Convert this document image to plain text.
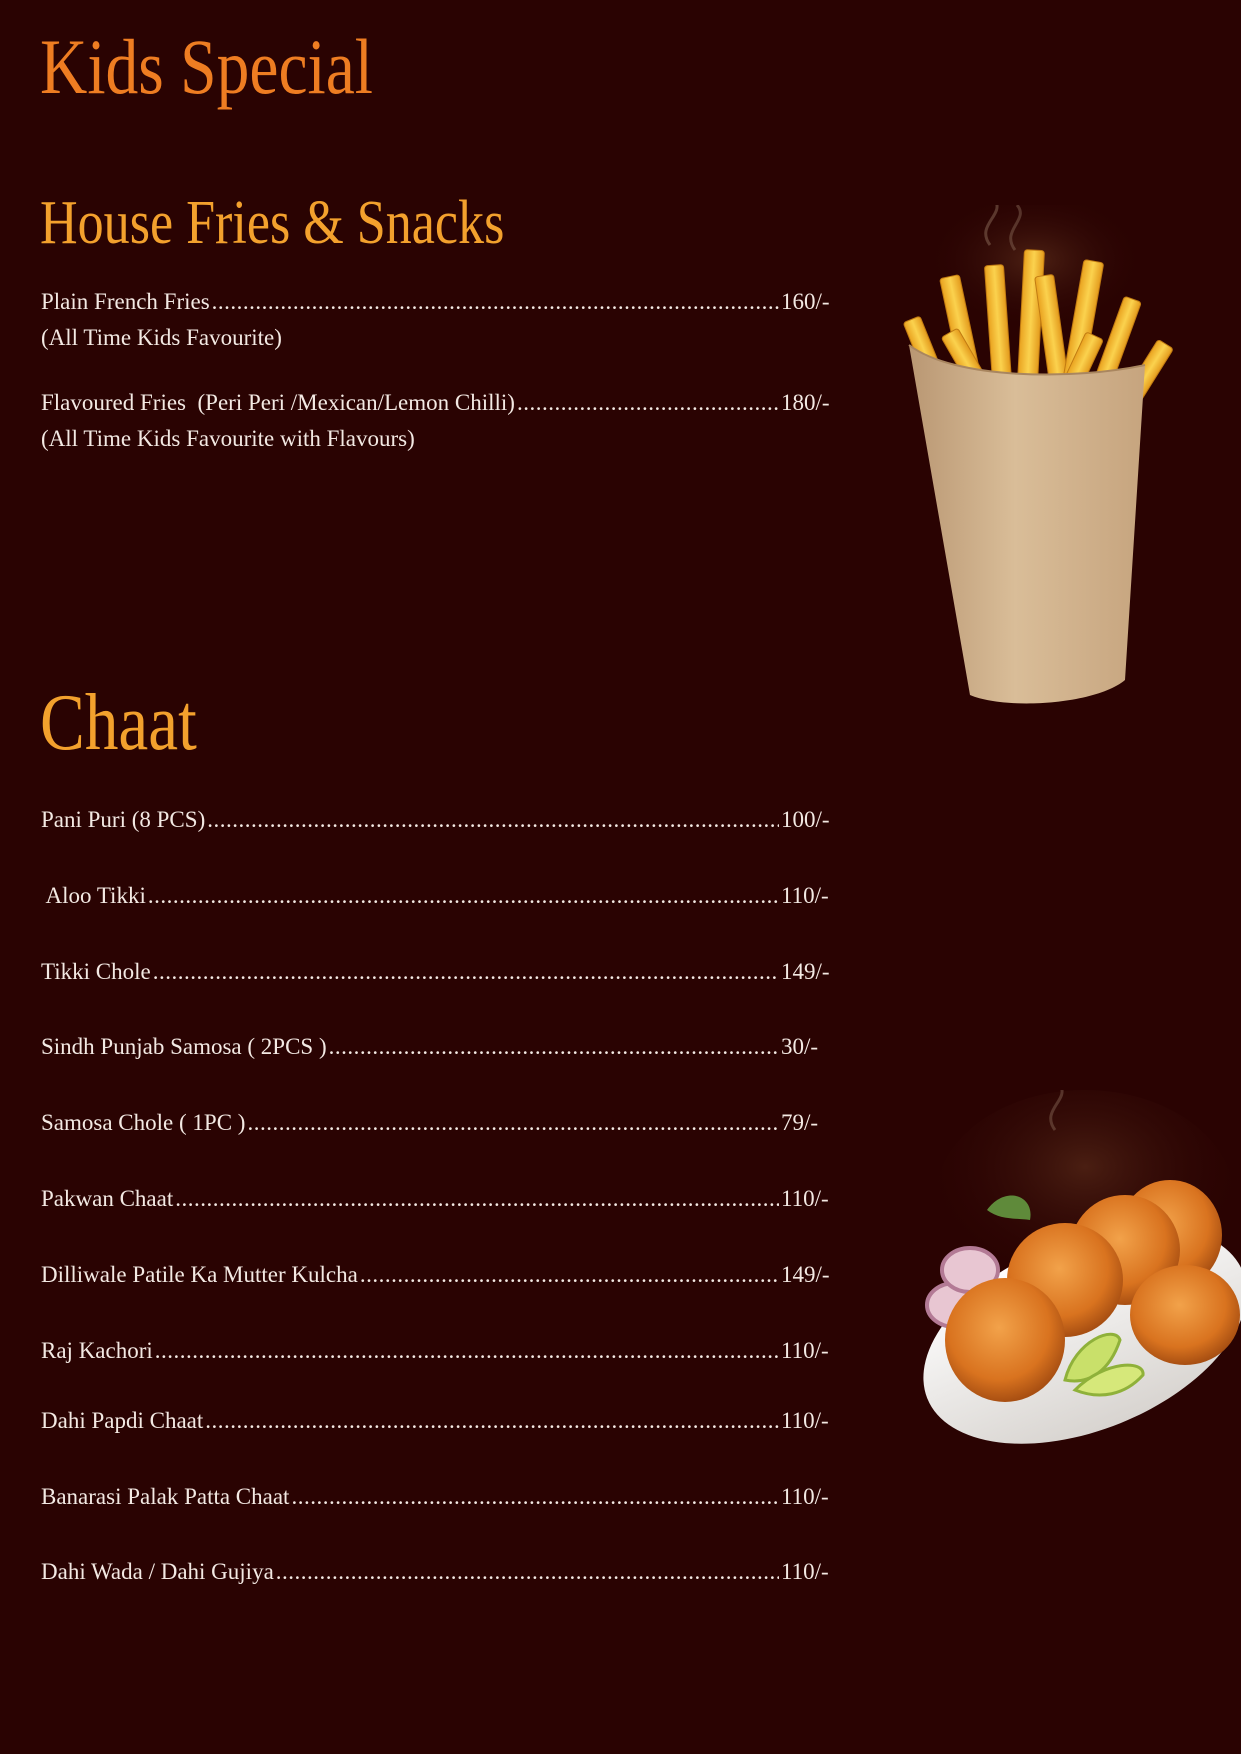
Kids Special
House Fries & Snacks
Plain French Fries .....	160/-
(All Time Kids Favourite)
Flavoured Fries  (Peri Peri /Mexican/Lemon Chilli) .....	180/-
(All Time Kids Favourite with Flavours)
Chaat
Pani Puri (8 PCS) .....	100/-
Aloo Tikki .....	110/-
Tikki Chole .....	149/-
Sindh Punjab Samosa ( 2PCS ) .....	30/-
Samosa Chole ( 1PC ) .....	79/-
Pakwan Chaat .....	110/-
Dilliwale Patile Ka Mutter Kulcha .....	149/-
Raj Kachori .....	110/-
Dahi Papdi Chaat .....	110/-
Banarasi Palak Patta Chaat .....	110/-
Dahi Wada / Dahi Gujiya .....	110/-
